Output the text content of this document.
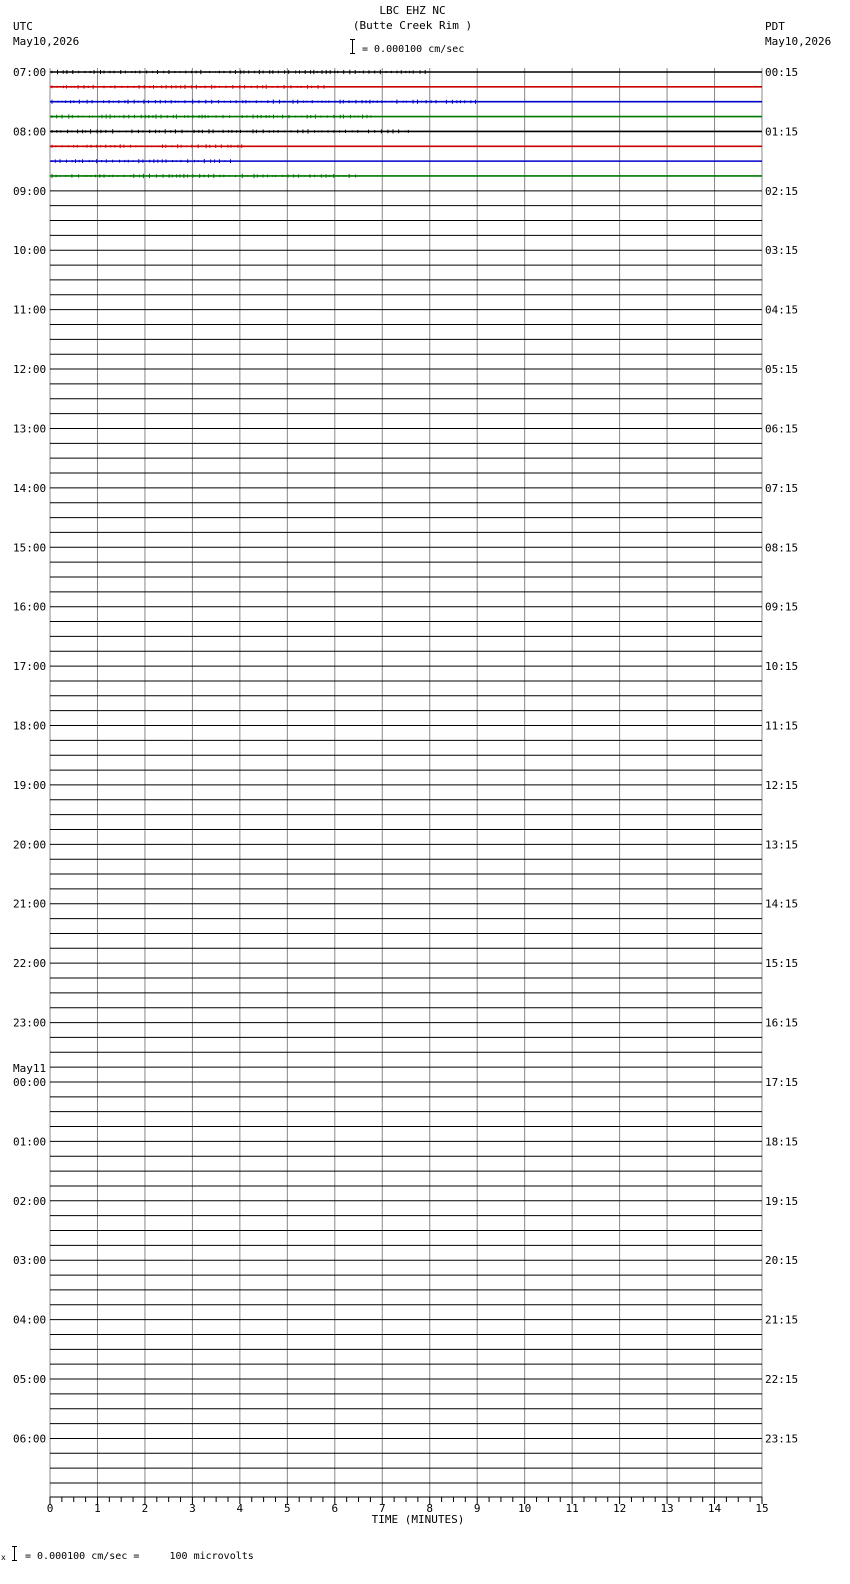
LBC EHZ NC
(Butte Creek Rim )
= 0.000100 cm/sec
UTC
May10,2026
PDT
May10,2026
07:00
08:00
09:00
10:00
11:00
12:00
13:00
14:00
15:00
16:00
17:00
18:00
19:00
20:00
21:00
22:00
23:00
00:00
01:00
02:00
03:00
04:00
05:00
06:00
00:15
01:15
02:15
03:15
04:15
05:15
06:15
07:15
08:15
09:15
10:15
11:15
12:15
13:15
14:15
15:15
16:15
17:15
18:15
19:15
20:15
21:15
22:15
23:15
May11
0	1	2	3	4	5	6	7	8	9	10	11	12	13	14	15
TIME (MINUTES)
x = 0.000100 cm/sec =     100 microvolts
